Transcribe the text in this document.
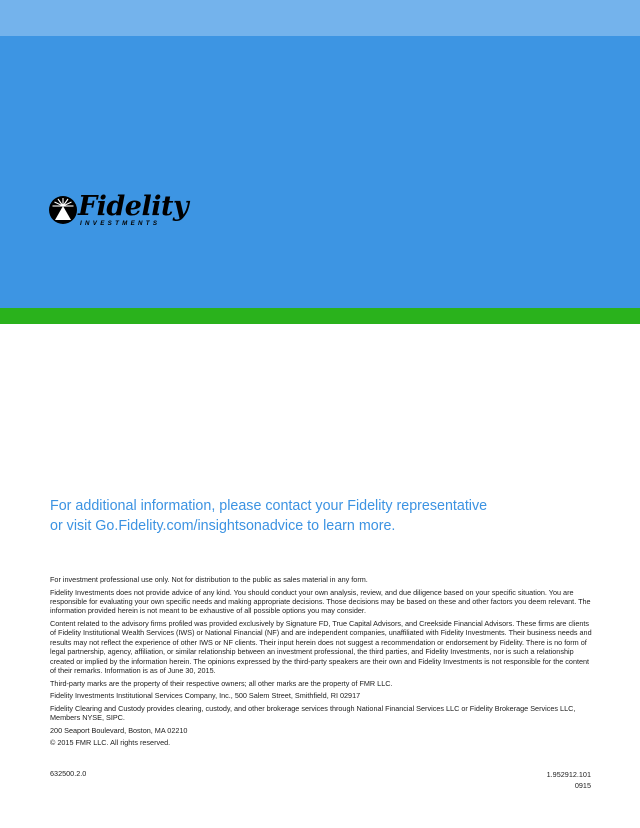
Fidelity
INVESTMENTS
For additional information, please contact your Fidelity representative
or visit Go.Fidelity.com/insightsonadvice to learn more.

For investment professional use only. Not for distribution to the public as sales material in any form.

Fidelity Investments does not provide advice of any kind. You should conduct your own analysis, review, and due diligence based on your specific situation. You are responsible for evaluating your own specific needs and making appropriate decisions. Those decisions may be based on these and other factors you deem relevant. The information provided herein is not meant to be exhaustive of all possible options you may consider.

Content related to the advisory firms profiled was provided exclusively by Signature FD, True Capital Advisors, and Creekside Financial Advisors. These firms are clients of Fidelity Institutional Wealth Services (IWS) or National Financial (NF) and are independent companies, unaffiliated with Fidelity Investments. Their business needs and results may not reflect the experience of other IWS or NF clients. Their input herein does not suggest a recommendation or endorsement by Fidelity. There is no form of legal partnership, agency, affiliation, or similar relationship between an investment professional, the third parties, and Fidelity Investments, nor is such a relationship created or implied by the information herein. The opinions expressed by the third-party speakers are their own and Fidelity Investments is not responsible for the content of their remarks. Information is as of June 30, 2015.

Third-party marks are the property of their respective owners; all other marks are the property of FMR LLC.

Fidelity Investments Institutional Services Company, Inc., 500 Salem Street, Smithfield, RI 02917

Fidelity Clearing and Custody provides clearing, custody, and other brokerage services through National Financial Services LLC or Fidelity Brokerage Services LLC, Members NYSE, SIPC.

200 Seaport Boulevard, Boston, MA 02210

© 2015 FMR LLC. All rights reserved.

632500.2.0	1.952912.101
0915
